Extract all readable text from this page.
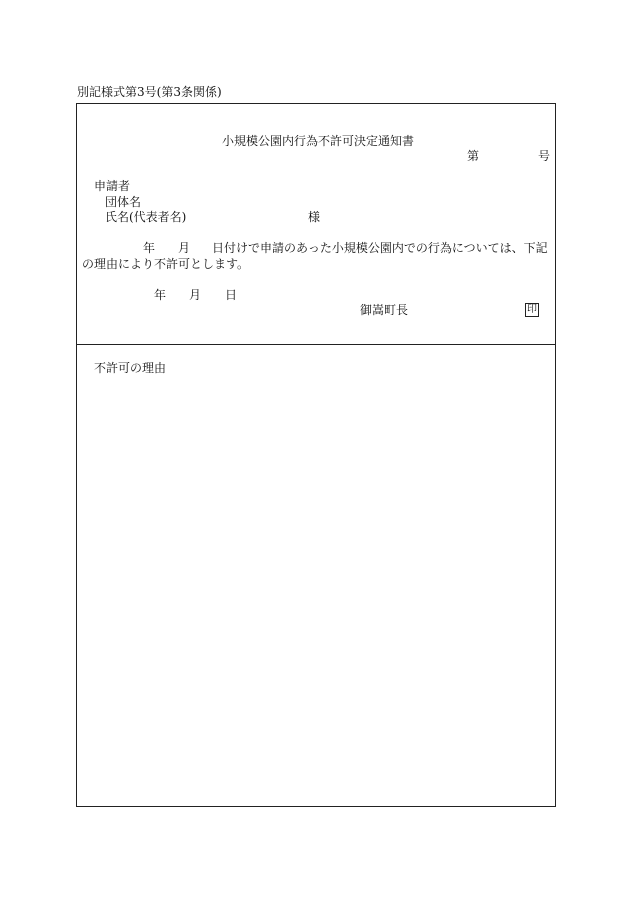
別記様式第3号(第3条関係)
小規模公園内行為不許可決定通知書
第	号
申請者
団体名
氏名(代表者名)	様
年 月 日付けで申請のあった小規模公園内での行為については、下記
の理由により不許可とします。
年 月 日
御嵩町長	印
不許可の理由
